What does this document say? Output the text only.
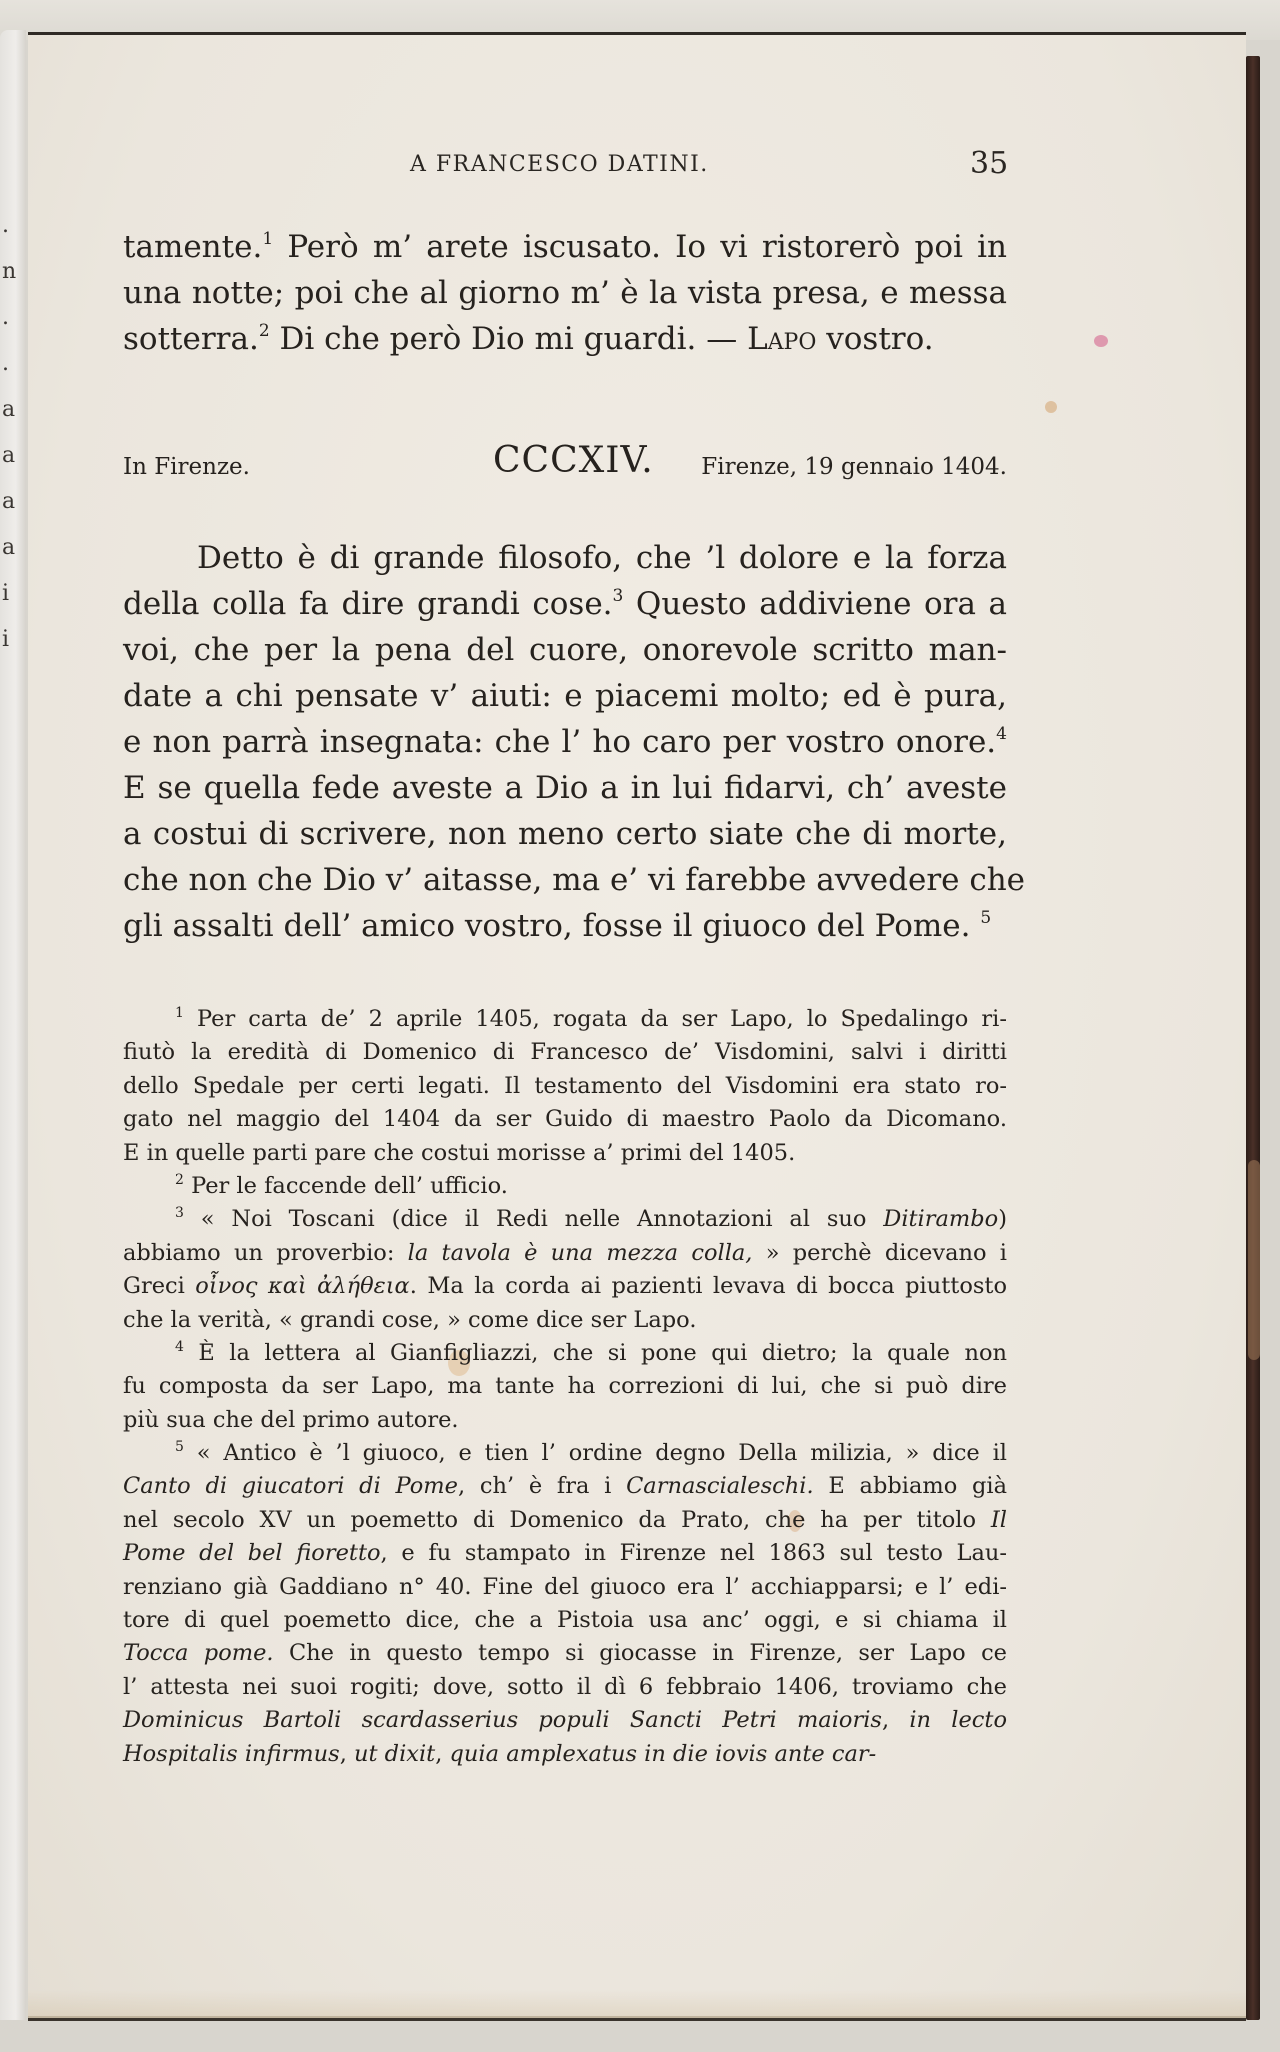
.
n
.
.
a
a
a
a
i
i
A FRANCESCO DATINI.	35
tamente.$^1$ Però m’ arete iscusato. Io vi ristorerò poi in
una notte; poi che al giorno m’ è la vista presa, e messa
sotterra.$^2$ Di che però Dio mi guardi. — Lapo vostro.
In Firenze.	CCCXIV. Firenze, 19 gennaio 1404.
Detto è di grande filosofo, che ’l dolore e la forza
della colla fa dire grandi cose.$^3$ Questo addiviene ora a
voi, che per la pena del cuore, onorevole scritto man-
date a chi pensate v’ aiuti: e piacemi molto; ed è pura,
e non parrà insegnata: che l’ ho caro per vostro onore.$^4$
E se quella fede aveste a Dio a in lui fidarvi, ch’ aveste
a costui di scrivere, non meno certo siate che di morte,
che non che Dio v’ aitasse, ma e’ vi farebbe avvedere che
gli assalti dell’ amico vostro, fosse il giuoco del Pome. $^5$
$^1$ Per carta de’ 2 aprile 1405, rogata da ser Lapo, lo Spedalingo ri-
fiutò la eredità di Domenico di Francesco de’ Visdomini, salvi i diritti
dello Spedale per certi legati. Il testamento del Visdomini era stato ro-
gato nel maggio del 1404 da ser Guido di maestro Paolo da Dicomano.
E in quelle parti pare che costui morisse a’ primi del 1405.
$^2$ Per le faccende dell’ ufficio.
$^3$ « Noi Toscani (dice il Redi nelle Annotazioni al suo Ditirambo)
abbiamo un proverbio: la tavola è una mezza colla, » perchè dicevano i
Greci οἶνος καὶ ἀλήθεια. Ma la corda ai pazienti levava di bocca piuttosto
che la verità, « grandi cose, » come dice ser Lapo.
$^4$ È la lettera al Gianfigliazzi, che si pone qui dietro; la quale non
fu composta da ser Lapo, ma tante ha correzioni di lui, che si può dire
più sua che del primo autore.
$^5$ « Antico è ’l giuoco, e tien l’ ordine degno Della milizia, » dice il
Canto di giucatori di Pome, ch’ è fra i Carnascialeschi. E abbiamo già
nel secolo XV un poemetto di Domenico da Prato, che ha per titolo Il
Pome del bel fioretto, e fu stampato in Firenze nel 1863 sul testo Lau-
renziano già Gaddiano n° 40. Fine del giuoco era l’ acchiapparsi; e l’ edi-
tore di quel poemetto dice, che a Pistoia usa anc’ oggi, e si chiama il
Tocca pome. Che in questo tempo si giocasse in Firenze, ser Lapo ce
l’ attesta nei suoi rogiti; dove, sotto il dì 6 febbraio 1406, troviamo che
Dominicus Bartoli scardasserius populi Sancti Petri maioris, in lecto
Hospitalis infirmus, ut dixit, quia amplexatus in die iovis ante car-
